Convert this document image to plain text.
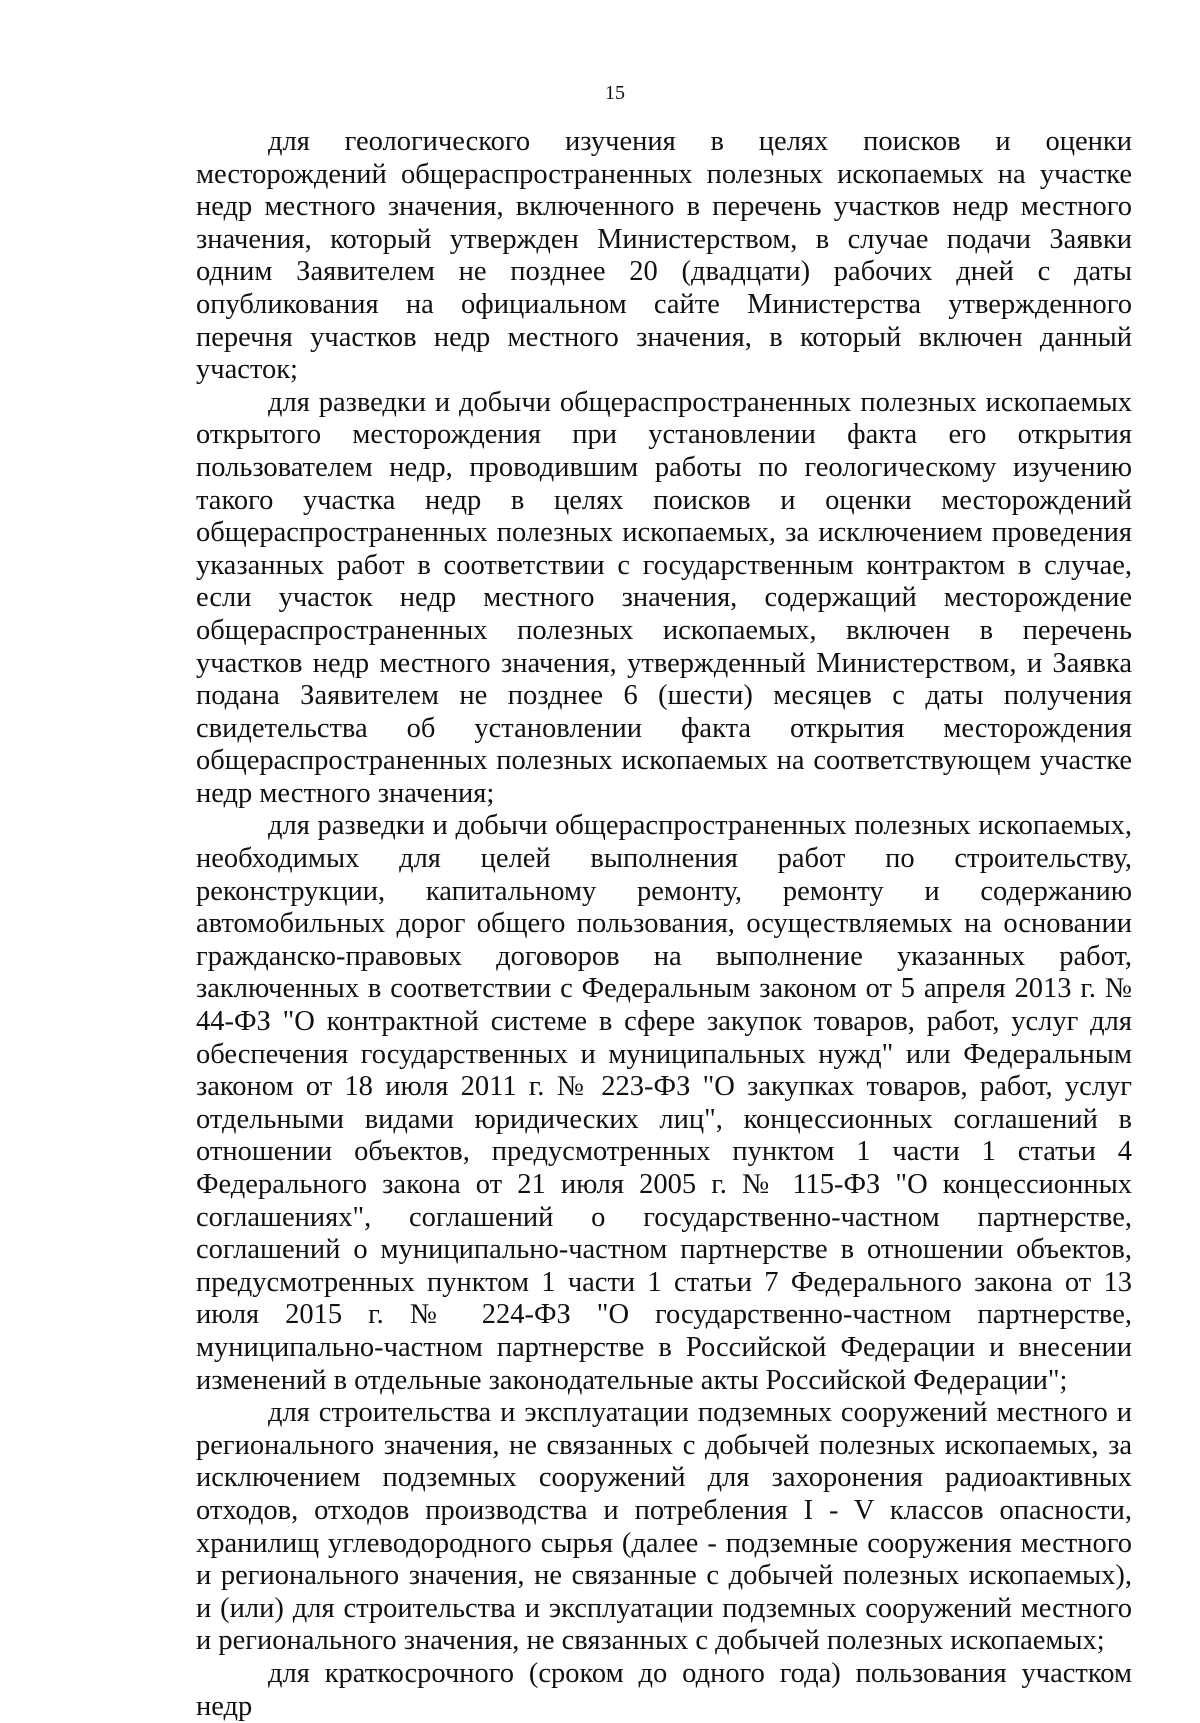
15

для геологического изучения в целях поисков и оценки месторождений общераспространенных полезных ископаемых на участке недр местного значения, включенного в перечень участков недр местного значения, который утвержден Министерством, в случае подачи Заявки одним Заявителем не позднее 20 (двадцати) рабочих дней с даты опубликования на официальном сайте Министерства утвержденного перечня участков недр местного значения, в который включен данный участок;

для разведки и добычи общераспространенных полезных ископаемых открытого месторождения при установлении факта его открытия пользователем недр, проводившим работы по геологическому изучению такого участка недр в целях поисков и оценки месторождений общераспространенных полезных ископаемых, за исключением проведения указанных работ в соответствии с государственным контрактом в случае, если участок недр местного значения, содержащий месторождение общераспространенных полезных ископаемых, включен в перечень участков недр местного значения, утвержденный Министерством, и Заявка подана Заявителем не позднее 6 (шести) месяцев с даты получения свидетельства об установлении факта открытия месторождения общераспространенных полезных ископаемых на соответствующем участке недр местного значения;

для разведки и добычи общераспространенных полезных ископаемых, необходимых для целей выполнения работ по строительству, реконструкции, капитальному ремонту, ремонту и содержанию автомобильных дорог общего пользования, осуществляемых на основании гражданско-правовых договоров на выполнение указанных работ, заключенных в соответствии с Федеральным законом от 5 апреля 2013 г. № 44-ФЗ "О контрактной системе в сфере закупок товаров, работ, услуг для обеспечения государственных и муниципальных нужд" или Федеральным законом от 18 июля 2011 г. № 223-ФЗ "О закупках товаров, работ, услуг отдельными видами юридических лиц", концессионных соглашений в отношении объектов, предусмотренных пунктом 1 части 1 статьи 4 Федерального закона от 21 июля 2005 г. № 115-ФЗ "О концессионных соглашениях", соглашений о государственно-частном партнерстве, соглашений о муниципально-частном партнерстве в отношении объектов, предусмотренных пунктом 1 части 1 статьи 7 Федерального закона от 13 июля 2015 г. № 224-ФЗ "О государственно-частном партнерстве, муниципально-частном партнерстве в Российской Федерации и внесении изменений в отдельные законодательные акты Российской Федерации";

для строительства и эксплуатации подземных сооружений местного и регионального значения, не связанных с добычей полезных ископаемых, за исключением подземных сооружений для захоронения радиоактивных отходов, отходов производства и потребления I - V классов опасности, хранилищ углеводородного сырья (далее - подземные сооружения местного и регионального значения, не связанные с добычей полезных ископаемых), и (или) для строительства и эксплуатации подземных сооружений местного и регионального значения, не связанных с добычей полезных ископаемых;

для краткосрочного (сроком до одного года) пользования участком недр
